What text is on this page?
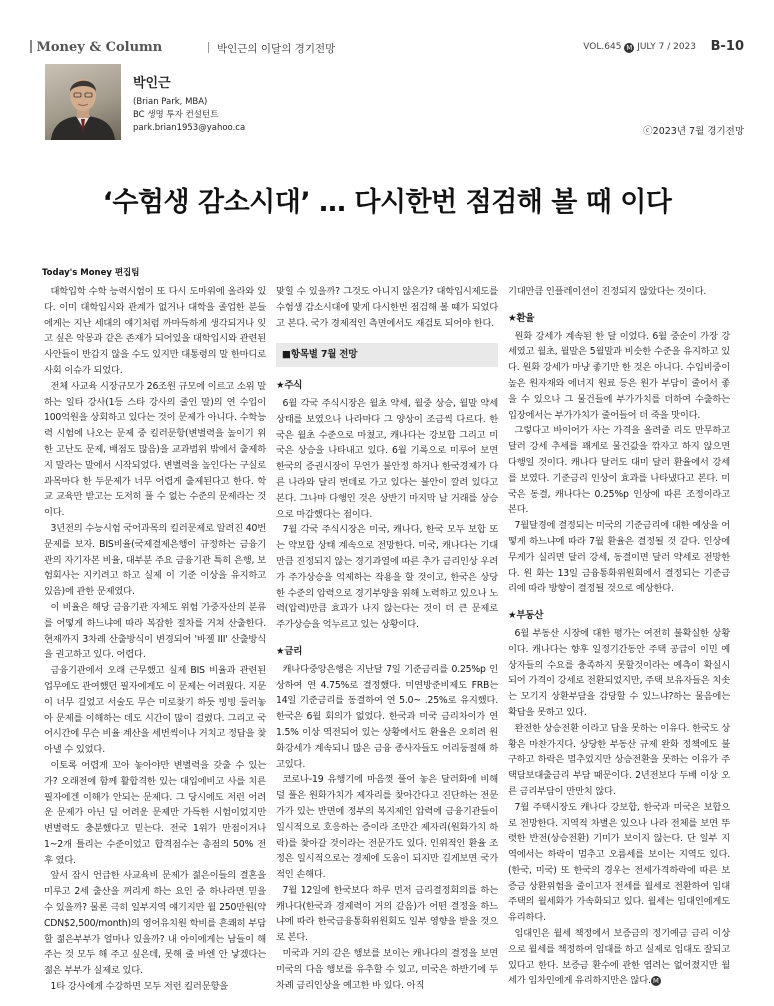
Money & Column	박인근의 이달의 경기전망	VOL.645 M JULY 7 / 2023 B-10
박인근
(Brian Park, MBA)
BC 생명 투자 컨설턴트
park.brian1953@yahoo.ca	ⓒ2023년 7월 경기전망
‘수험생 감소시대’ … 다시한번 점검해 볼 때 이다
Today's Money 편집팀

대학입학 수학 능력시험이 또 다시 도마위에 올라와 있다. 이미 대학입시와 관계가 없거나 대학을 졸업한 분들에게는 지난 세대의 얘기처럼 까마득하게 생각되거나 잊고 싶은 악몽과 같은 존재가 되어있을 대학입시와 관련된 사안들이 반갑지 않을 수도 있지만 대통령의 말 한마디로 사회 이슈가 되었다.

전체 사교육 시장규모가 26조원 규모에 이르고 소위 말하는 일타 강사(1등 스타 강사의 줄인 말)의 연 수입이 100억원을 상회하고 있다는 것이 문제가 아니다. 수학능력 시험에 나오는 문제 중 킬러문항(변별력을 높이기 위한 고난도 문제, 배점도 많음)을 교과범위 밖에서 출제하지 말라는 말에서 시작되었다. 변별력을 높인다는 구실로 과목마다 한 두문제가 너무 어렵게 출제된다고 한다. 학교 교육만 받고는 도저히 풀 수 없는 수준의 문제라는 것이다.

3년전의 수능시험 국어과목의 킬러문제로 알려진 40번 문제를 보자. BIS비율(국제결제은행이 규정하는 금융기관의 자기자본 비율, 대부분 주요 금융기관 특히 은행, 보험회사는 지키려고 하고 실제 이 기준 이상을 유지하고 있음)에 관한 문제였다.

이 비율은 해당 금융기관 자체도 위험 가중자산의 분류를 어떻게 하느냐에 따라 복잡한 절차를 거쳐 산출한다. 현재까지 3차례 산출방식이 변경되어 '바젤 III' 산출방식을 권고하고 있다. 어렵다.

금융기관에서 오래 근무했고 실제 BIS 비율과 관련된 업무에도 관여했던 필자에게도 이 문제는 어려웠다. 지문이 너무 길었고 서술도 무슨 미로찾기 하듯 빙빙 둘러놓아 문제를 이해하는 데도 시간이 많이 걸렸다. 그리고 국어시간에 무슨 비율 계산을 세번씩이나 거치고 정답을 찾아낼 수 있었다.

이토록 어렵게 꼬아 놓아야만 변별력을 갖출 수 있는가? 오래전에 함께 활합격한 있는 대입에비고 사를 치른 필자에겐 이해가 안되는 문제다. 그 당시에도 저런 어려운 문제가 아닌 딜 어려운 문제만 가득한 시험이었지만 변별력도 충분했다고 믿는다. 전국 1위가 만점이거나 1~2개 틀리는 수준이었고 합격점수는 총점의 50% 전 후 였다.

앞서 잠시 언급한 사교육비 문제가 젊은이들의 결혼을 미루고 2세 출산을 꺼리게 하는 요인 중 하나라면 믿을 수 있을까? 물론 극히 일부지역 얘기지만 월 250만원(약 CDN$2,500/month)의 영어유치원 학비를 흔쾌히 부담할 젊은부부가 얼마나 있을까? 내 아이에게는 남들이 해 주는 것 모두 해 주고 싶은데, 못해 줄 바엔 안 낳겠다는 젊은 부부가 실제로 있다.

1타 강사에게 수강하면 모두 저런 킬러문항을

맞힐 수 있을까? 그것도 아니지 않은가? 대학입시제도를 수험생 감소시대에 맞게 다시한번 점검해 볼 때가 되었다고 본다. 국가 경제적인 측면에서도 재검토 되어야 한다.

■항목별 7월 전망
★주식

6월 각국 주식시장은 월초 약세, 월중 상승, 월말 약세 상태를 보였으나 나라마다 그 양상이 조금씩 다르다. 한국은 월초 수준으로 마쳤고, 캐나다는 강보합 그리고 미국은 상승을 나타내고 있다. 6월 기록으로 미루어 보면 한국의 증권시장이 무언가 불안정 하거나 한국경제가 다른 나라와 달리 번데로 가고 있다는 불안이 깔려 있다고 본다. 그나마 다행인 것은 상반기 마지막 날 거래를 상승으로 마감했다는 점이다.

7월 각국 주식시장은 미국, 캐나다, 한국 모두 보합 또는 약보합 상태 계속으로 전망한다. 미국, 캐나다는 기대만큼 진정되지 않는 경기과열에 따른 추가 금리인상 우려가 주가상승을 억제하는 작용을 할 것이고, 한국은 상당한 수준의 압력으로 경기부양을 위해 노력하고 있으나 노력(압력)만큼 효과가 나지 않는다는 것이 더 큰 문제로 주가상승을 억누르고 있는 상황이다.

★금리

캐나다중앙은행은 지난달 7일 기준금리를 0.25%p 인상하여 연 4.75%로 결정했다. 미연방준비제도 FRB는 14일 기준금리를 동결하여 연 5.0~ .25%로 유지했다. 한국은 6월 회의가 없었다. 한국과 미국 금리차이가 연 1.5% 이상 역전되어 있는 상황에서도 환율은 오히려 원화강세가 계속되니 많은 금융 종사자들도 어리둥절해 하고있다.

코로나-19 유행기에 마음껏 풀어 놓은 달러화에 비해 덜 풀은 원화가치가 제자리를 찾아간다고 진단하는 전문가가 있는 반면에 정부의 복지제인 압력에 금융기관들이 일시적으로 호응하는 증이라 조만간 제자리(원화가치 하락)를 찾아갈 것이라는 전문가도 있다. 인위적인 환율 조정은 일시적으로는 경제에 도움이 되지만 길게보면 국가적인 손해다.

7월 12일에 한국보다 하루 먼저 금리결정회의를 하는 캐나다(한국과 경제력이 거의 같음)가 어떤 결정을 하느냐에 따라 한국금융통화위원회도 일부 영향을 받을 것으로 본다.

미국과 거의 같은 행보를 보이는 캐나다의 결정을 보면 미국의 다음 행보를 유추할 수 있고, 미국은 하반기에 두차례 금리인상을 예고한 바 있다. 아직

기대만큼 인플레이션이 진정되지 않았다는 것이다.

★환율

원화 강세가 계속된 한 달 이었다. 6월 중순이 가장 강세였고 월초, 월말은 5월말과 비슷한 수준을 유지하고 있다. 원화 강세가 마냥 좋기만 한 것은 아니다. 수입비중이 높은 원자재와 에너지 원료 등은 원가 부담이 줄어서 좋을 수 있으나 그 물건들에 부가가치를 더하여 수출하는 입장에서는 부가가치가 줄어들어 더 죽을 맛이다.

그렇다고 바이어가 사는 가격을 올려줄 리도 만무하고 달러 강세 추세를 꽤게로 물건값을 깎자고 하지 않으면 다행일 것이다. 캐나다 달러도 대미 달러 환율에서 강세를 보였다. 기준금리 인상이 효과를 나타냈다고 본다. 미국은 동결, 캐나다는 0.25%p 인상에 따른 조정이라고 본다.

7월달경에 결정되는 미국의 기준금리에 대한 예상을 어떻게 하느냐에 따라 7월 환율은 결정될 것 같다. 인상에 무게가 실리면 달러 강세, 동결이면 달러 약세로 전망한다. 원 화는 13일 금융통화위원회에서 결정되는 기준금리에 따라 방향이 결정될 것으로 예상한다.

★부동산

6월 부동산 시장에 대한 평가는 여전히 불확실한 상황이다. 캐나다는 향후 일정기간동안 주택 공급이 이민 예상자들의 수요를 충족하지 못할것이라는 예측이 확실시 되어 가격이 강세로 전환되었지만, 주택 보유자들은 치솟는 모기지 상환부담을 감당할 수 있느냐?하는 물음에는 확답을 못하고 있다.

완전한 상승전환 이라고 답을 못하는 이유다. 한국도 상황은 마찬가지다. 상당한 부동산 규제 완화 정책에도 불구하고 하락은 멈추었지만 상승전환을 못하는 이유가 주택담보대출금리 부담 때문이다. 2년전보다 두배 이상 오른 금리부담이 만만치 않다.

7월 주택시장도 캐나다 강보합, 한국과 미국은 보합으로 전망한다. 지역적 차별은 있으나 나라 전체를 보면 뚜렷한 반전(상승전환) 기미가 보이지 않는다. 단 일부 지역에서는 하락이 멈추고 오름세를 보이는 지역도 있다. (한국, 미국) 또 한국의 경우는 전세가격하락에 따른 보증금 상환위험을 줄이고자 전세를 월세로 전환하여 임대주택의 월세화가 가속화되고 있다. 월세는 임대인에게도 유리하다.

임대인은 월세 책정에서 보증금의 정기예금 금리 이상으로 월세를 책정하여 임대를 하고 실제로 임대도 잘되고 있다고 한다. 보증금 환수에 관한 염려는 없어졌지만 월세가 임차인에게 유리하지만은 않다. M
